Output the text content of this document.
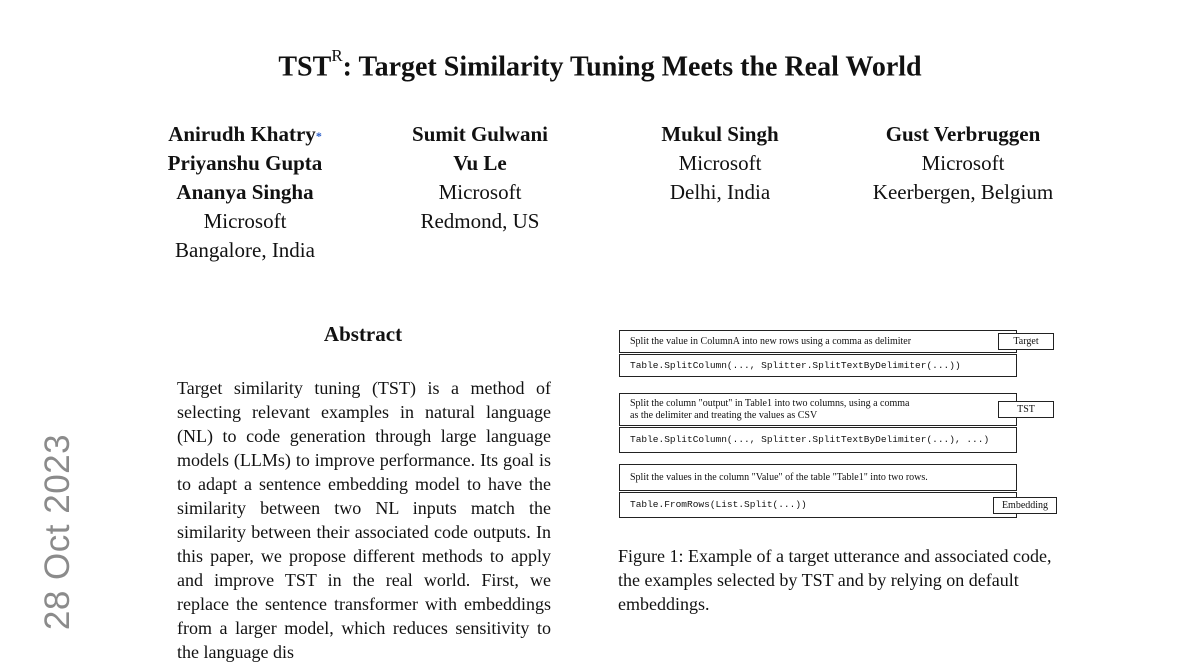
$TST^R$: Target Similarity Tuning Meets the Real World
Anirudh Khatry*
Priyanshu Gupta
Ananya Singha
Microsoft
Bangalore, India
Sumit Gulwani
Vu Le
Microsoft
Redmond, US
Mukul Singh
Microsoft
Delhi, India
Gust Verbruggen
Microsoft
Keerbergen, Belgium
28 Oct 2023
Abstract
Target similarity tuning (TST) is a method of selecting relevant examples in natural language (NL) to code generation through large language models (LLMs) to improve performance. Its goal is to adapt a sentence embedding model to have the similarity between two NL inputs match the similarity between their associated code outputs. In this paper, we propose different methods to apply and improve TST in the real world. First, we replace the sentence transformer with embeddings from a larger model, which reduces sensitivity to the language dis
Split the value in ColumnA into new rows using a comma as delimiter
Table.SplitColumn(..., Splitter.SplitTextByDelimiter(...))
Target
Split the column "output" in Table1 into two columns, using a comma
as the delimiter and treating the values as CSV
Table.SplitColumn(..., Splitter.SplitTextByDelimiter(...), ...)
TST
Split the values in the column "Value" of the table "Table1" into two rows.
Table.FromRows(List.Split(...))	Embedding
Figure 1: Example of a target utterance and associated code, the examples selected by TST and by relying on default embeddings.
